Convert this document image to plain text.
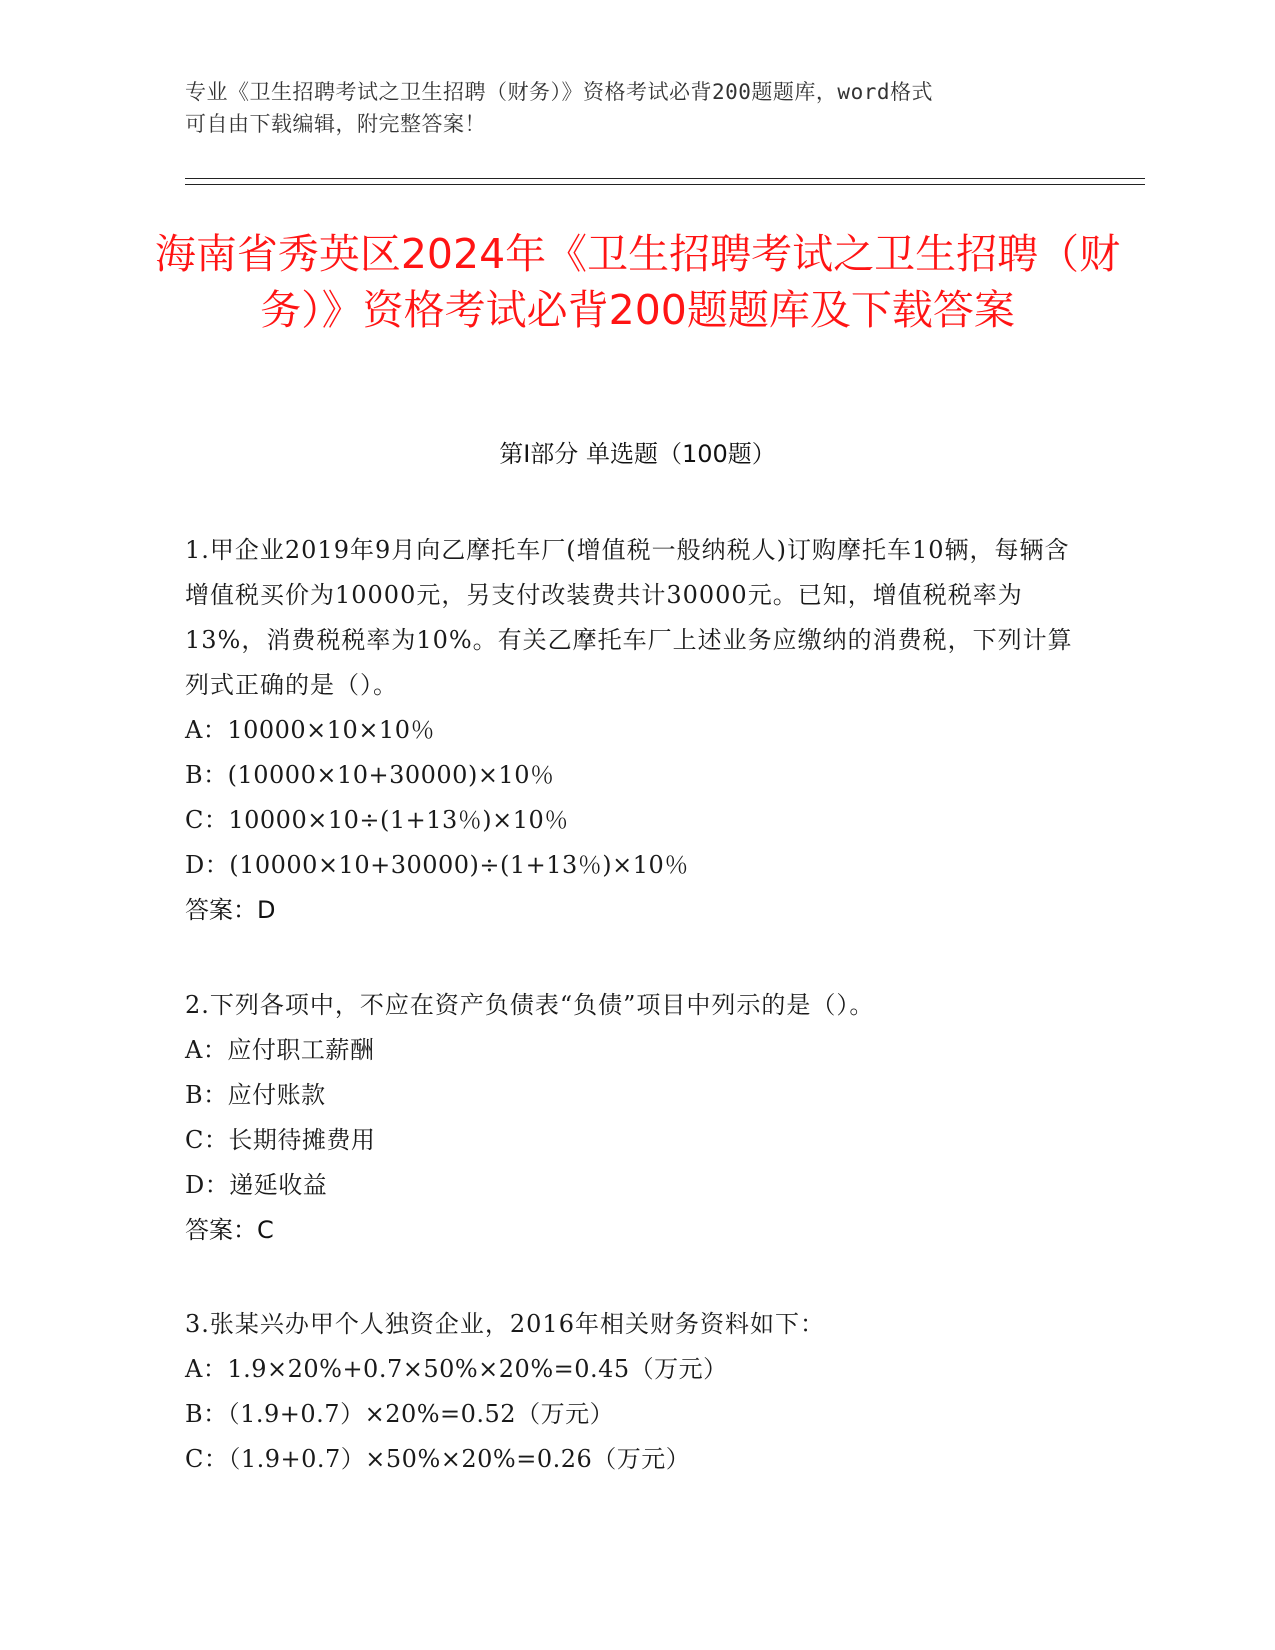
专业《卫生招聘考试之卫生招聘（财务）》资格考试必背200题题库，word格式
可自由下载编辑，附完整答案！
海南省秀英区2024年《卫生招聘考试之卫生招聘（财务）》资格考试必背200题题库及下载答案
第I部分 单选题（100题）

1.甲企业2019年9月向乙摩托车厂(增值税一般纳税人)订购摩托车10辆，每辆含增值税买价为10000元，另支付改装费共计30000元。已知，增值税税率为13%，消费税税率为10%。有关乙摩托车厂上述业务应缴纳的消费税，下列计算列式正确的是（）。

A：10000×10×10％

B：(10000×10+30000)×10％

C：10000×10÷(1+13％)×10％

D：(10000×10+30000)÷(1+13％)×10％

答案：D

2.下列各项中，不应在资产负债表“负债”项目中列示的是（）。

A：应付职工薪酬

B：应付账款

C：长期待摊费用

D：递延收益

答案：C

3.张某兴办甲个人独资企业，2016年相关财务资料如下：

A：1.9×20%+0.7×50%×20%=0.45（万元）

B：（1.9+0.7）×20%=0.52（万元）

C：（1.9+0.7）×50%×20%=0.26（万元）
